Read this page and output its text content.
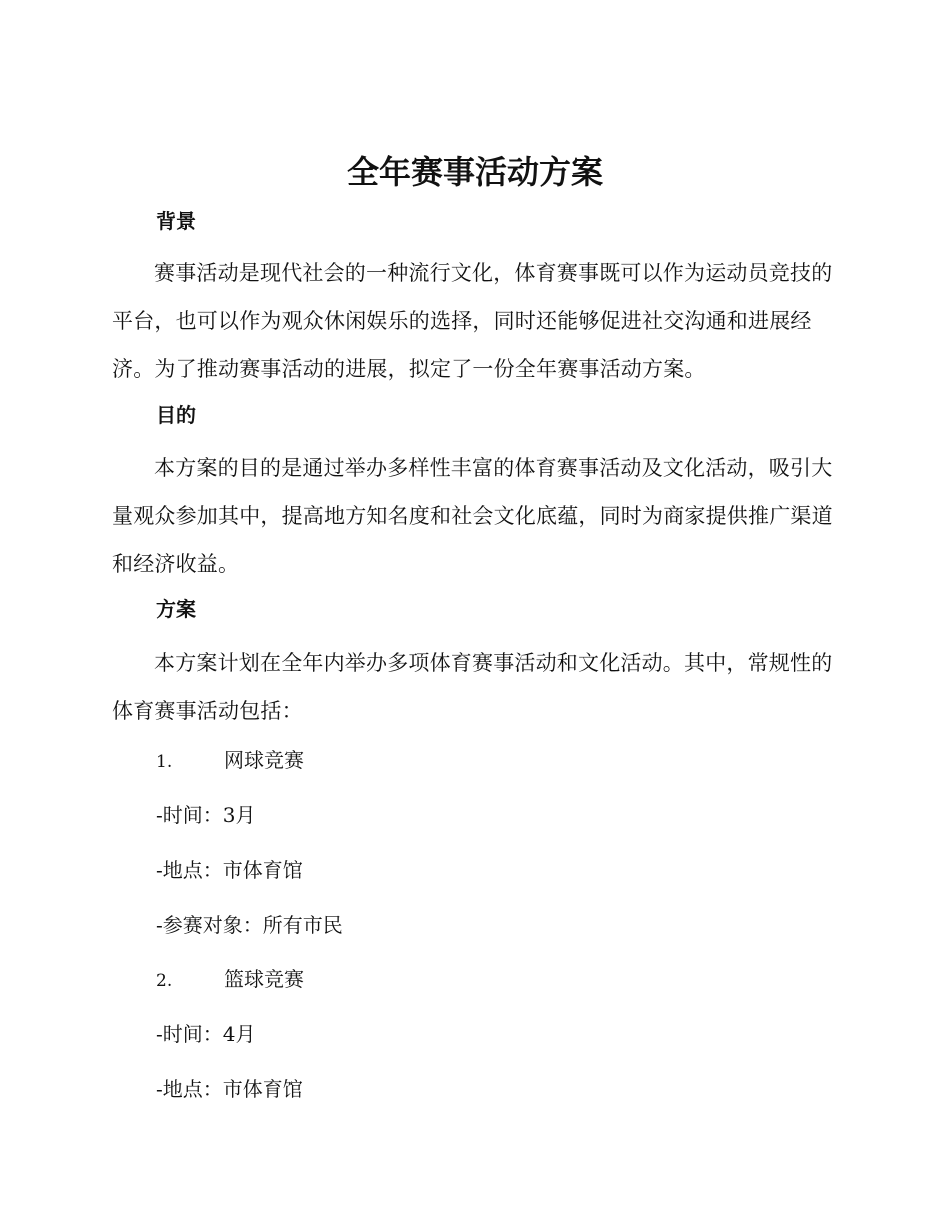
全年赛事活动方案
背景

赛事活动是现代社会的一种流行文化，体育赛事既可以作为运动员竞技的平台，也可以作为观众休闲娱乐的选择，同时还能够促进社交沟通和进展经济。为了推动赛事活动的进展，拟定了一份全年赛事活动方案。

目的

本方案的目的是通过举办多样性丰富的体育赛事活动及文化活动，吸引大量观众参加其中，提高地方知名度和社会文化底蕴，同时为商家提供推广渠道和经济收益。

方案

本方案计划在全年内举办多项体育赛事活动和文化活动。其中，常规性的体育赛事活动包括：

1.	网球竞赛

-时间：3月

-地点：市体育馆

-参赛对象：所有市民

2.	篮球竞赛

-时间：4月

-地点：市体育馆
